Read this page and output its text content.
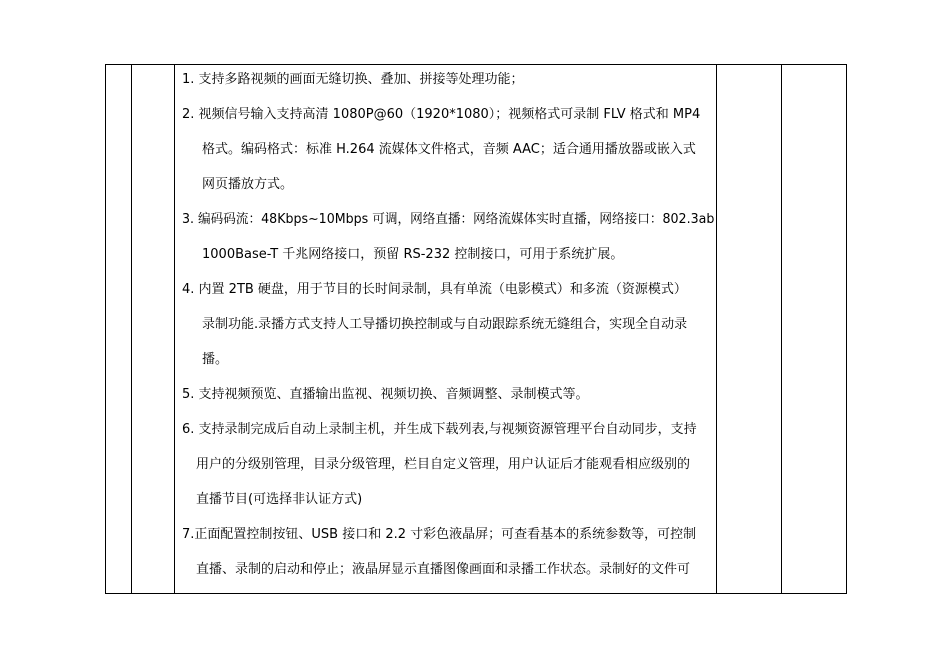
1. 支持多路视频的画面无缝切换、叠加、拼接等处理功能；
2. 视频信号输入支持高清 1080P@60（1920*1080）；视频格式可录制 FLV 格式和 MP4
格式。编码格式：标准 H.264 流媒体文件格式，音频 AAC；适合通用播放器或嵌入式
网页播放方式。
3. 编码码流：48Kbps~10Mbps 可调，网络直播：网络流媒体实时直播，网络接口：802.3ab
1000Base-T 千兆网络接口，预留 RS-232 控制接口，可用于系统扩展。
4. 内置 2TB 硬盘，用于节目的长时间录制，具有单流（电影模式）和多流（资源模式）
录制功能.录播方式支持人工导播切换控制或与自动跟踪系统无缝组合，实现全自动录
播。
5. 支持视频预览、直播输出监视、视频切换、音频调整、录制模式等。
6. 支持录制完成后自动上录制主机，并生成下载列表,与视频资源管理平台自动同步，支持
用户的分级别管理，目录分级管理，栏目自定义管理，用户认证后才能观看相应级别的
直播节目(可选择非认证方式)
7.正面配置控制按钮、USB 接口和 2.2 寸彩色液晶屏；可查看基本的系统参数等，可控制
直播、录制的启动和停止；液晶屏显示直播图像画面和录播工作状态。录制好的文件可
